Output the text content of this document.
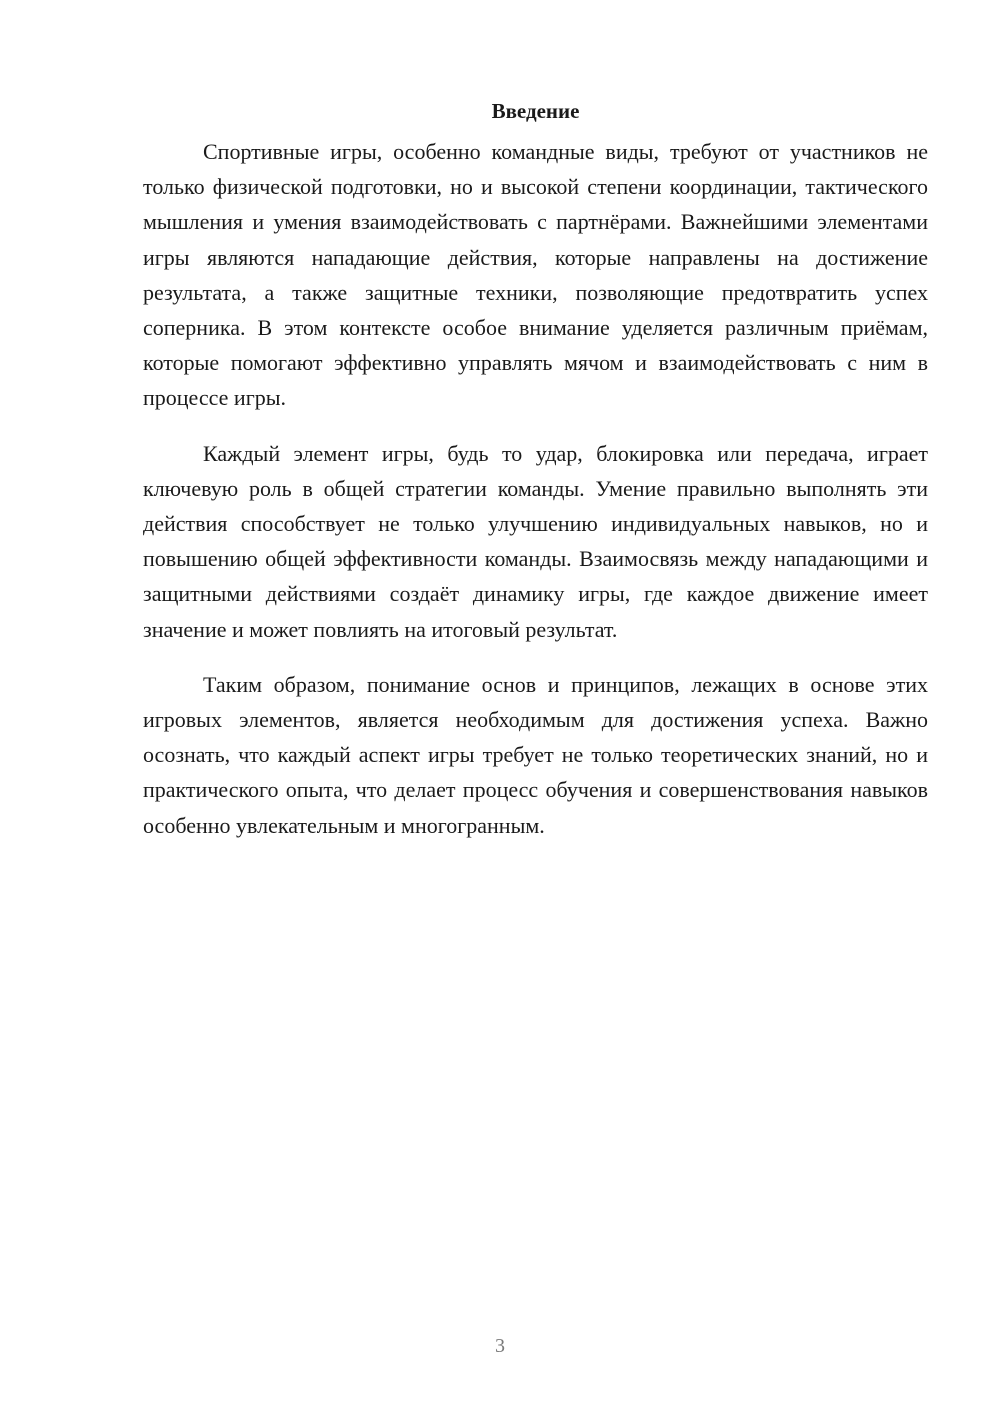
Введение

Спортивные игры, особенно командные виды, требуют от участников не только физической подготовки, но и высокой степени координации, тактического мышления и умения взаимодействовать с партнёрами. Важнейшими элементами игры являются нападающие действия, которые направлены на достижение результата, а также защитные техники, позволяющие предотвратить успех соперника. В этом контексте особое внимание уделяется различным приёмам, которые помогают эффективно управлять мячом и взаимодействовать с ним в процессе игры.

Каждый элемент игры, будь то удар, блокировка или передача, играет ключевую роль в общей стратегии команды. Умение правильно выполнять эти действия способствует не только улучшению индивидуальных навыков, но и повышению общей эффективности команды. Взаимосвязь между нападающими и защитными действиями создаёт динамику игры, где каждое движение имеет значение и может повлиять на итоговый результат.

Таким образом, понимание основ и принципов, лежащих в основе этих игровых элементов, является необходимым для достижения успеха. Важно осознать, что каждый аспект игры требует не только теоретических знаний, но и практического опыта, что делает процесс обучения и совершенствования навыков особенно увлекательным и многогранным.

3
